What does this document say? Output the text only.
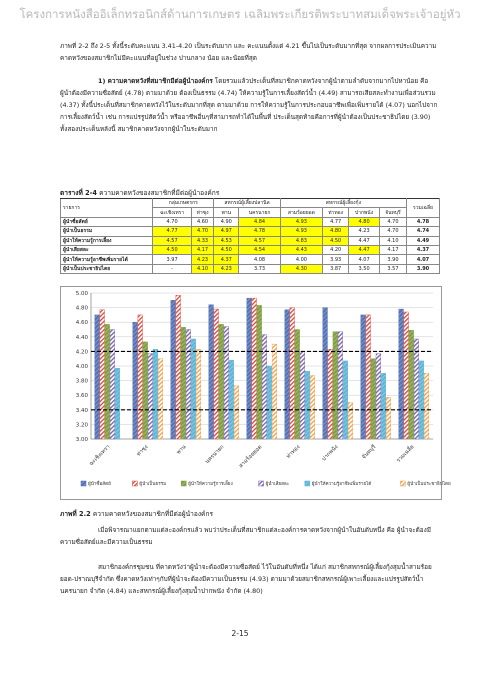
โครงการหนังสืออิเล็กทรอนิกส์ด้านการเกษตร เฉลิมพระเกียรติพระบาทสมเด็จพระเจ้าอยู่หัว

ภาพที่ 2-2 ถึง 2-5 ทั้งนี้ระดับคะแนน 3.41-4.20 เป็นระดับมาก และ คะแนนตั้งแต่ 4.21 ขึ้นไปเป็นระดับมากที่สุด จากผลการประเมินความคาดหวังของสมาชิกไม่มีคะแนนที่อยู่ในช่วง ปานกลาง น้อย และน้อยที่สุด

1) ความคาดหวังที่สมาชิกมีต่อผู้นำองค์กร โดยรวมแล้วประเด็นที่สมาชิกคาดหวังจากผู้นำตามลำดับจากมากไปหาน้อย คือ ผู้นำต้องมีความซื่อสัตย์ (4.78) ตามมาด้วย ต้องเป็นธรรม (4.74) ให้ความรู้ในการเลี้ยงสัตว์น้ำ (4.49) สามารถเสียสละทำงานเพื่อส่วนรวม (4.37) ทั้งนี้ประเด็นที่สมาชิกคาดหวังไว้ในระดับมากที่สุด ตามมาด้วย การให้ความรู้ในการประกอบอาชีพเพื่อเพิ่มรายได้ (4.07) นอกไปจากการเลี้ยงสัตว์น้ำ เช่น การแปรรูปสัตว์น้ำ หรืออาชีพอื่นๆที่สามารถทำได้ในพื้นที่ ประเด็นสุดท้ายคือการที่ผู้นำต้องเป็นประชาธิปไตย (3.90) ทั้งสองประเด็นหลังนี้ สมาชิกคาดหวังจากผู้นำในระดับมาก

ตารางที่ 2-4 ความคาดหวังของสมาชิกที่มีต่อผู้นำองค์กร
รายการ	กลุ่มเกษตรกร		สหกรณ์ผู้เลี้ยงปลานิล		สหกรณ์ผู้เลี้ยงกุ้ง				รวมเฉลี่ย
	ฉะเชิงเทรา	ท่าซุง	พาน	นครนายก	สามร้อยยอด	ท่าทอง	ปากพนัง	จันทบุรี	
ผู้นำซื่อสัตย์	4.70	4.60	4.90	4.84	4.93	4.77	4.80	4.70	4.78
ผู้นำเป็นธรรม	4.77	4.70	4.97	4.78	4.93	4.80	4.23	4.70	4.74
ผู้นำให้ความรู้การเลี้ยง	4.57	4.33	4.53	4.57	4.83	4.50	4.47	4.10	4.49
ผู้นำเสียสละ	4.50	4.17	4.50	4.54	4.43	4.20	4.47	4.17	4.37
ผู้นำให้ความรู้อาชีพเพิ่มรายได้	3.97	4.23	4.37	4.08	4.00	3.93	4.07	3.90	4.07
ผู้นำเป็นประชาธิปไตย	-	4.10	4.23	3.73	4.30	3.87	3.50	3.57	3.90
3.00
3.20
3.40
3.60
3.80
4.00
4.20
4.40
4.60
4.80
5.00
ฉะเชิงเทรา	ท่าซุง	พาน	นครนายก สามร้อยยอด	ท่าทอง	ปากพนัง	จันทบุรี	รวมเฉลี่ย
ผู้นำซื่อสัตย์	ผู้นำเป็นธรรม	ผู้นำให้ความรู้การเลี้ยง	ผู้นำเสียสละ	ผู้นำให้ความรู้อาชีพเพิ่มรายได้	ผู้นำเป็นประชาธิปไตย
ภาพที่ 2.2 ความคาดหวังของสมาชิกที่มีต่อผู้นำองค์กร

เมื่อพิจารณาแยกตามแต่ละองค์กรแล้ว พบว่าประเด็นที่สมาชิกแต่ละองค์การคาดหวังจากผู้นำในอันดับหนึ่ง คือ ผู้นำจะต้องมีความซื่อสัตย์และมีความเป็นธรรม

สมาชิกองค์กรชุมชน ที่คาดหวังว่าผู้นำจะต้องมีความซื่อสัตย์ ไว้ในอันดับที่หนึ่ง ได้แก่ สมาชิกสหกรณ์ผู้เลี้ยงกุ้งสุมน้ำสามร้อยยอด-ปราณบุรีจำกัด ซึ่งคาดหวังเท่าๆกับที่ผู้นำจะต้องมีความเป็นธรรม (4.93) ตามมาด้วยสมาชิกสหกรณ์ผู้เพาะเลี้ยงและแปรรูปสัตว์น้ำนครนายก จำกัด (4.84) และสหกรณ์ผู้เลี้ยงกุ้งสุมน้ำปากพนัง จำกัด (4.80)

2-15
